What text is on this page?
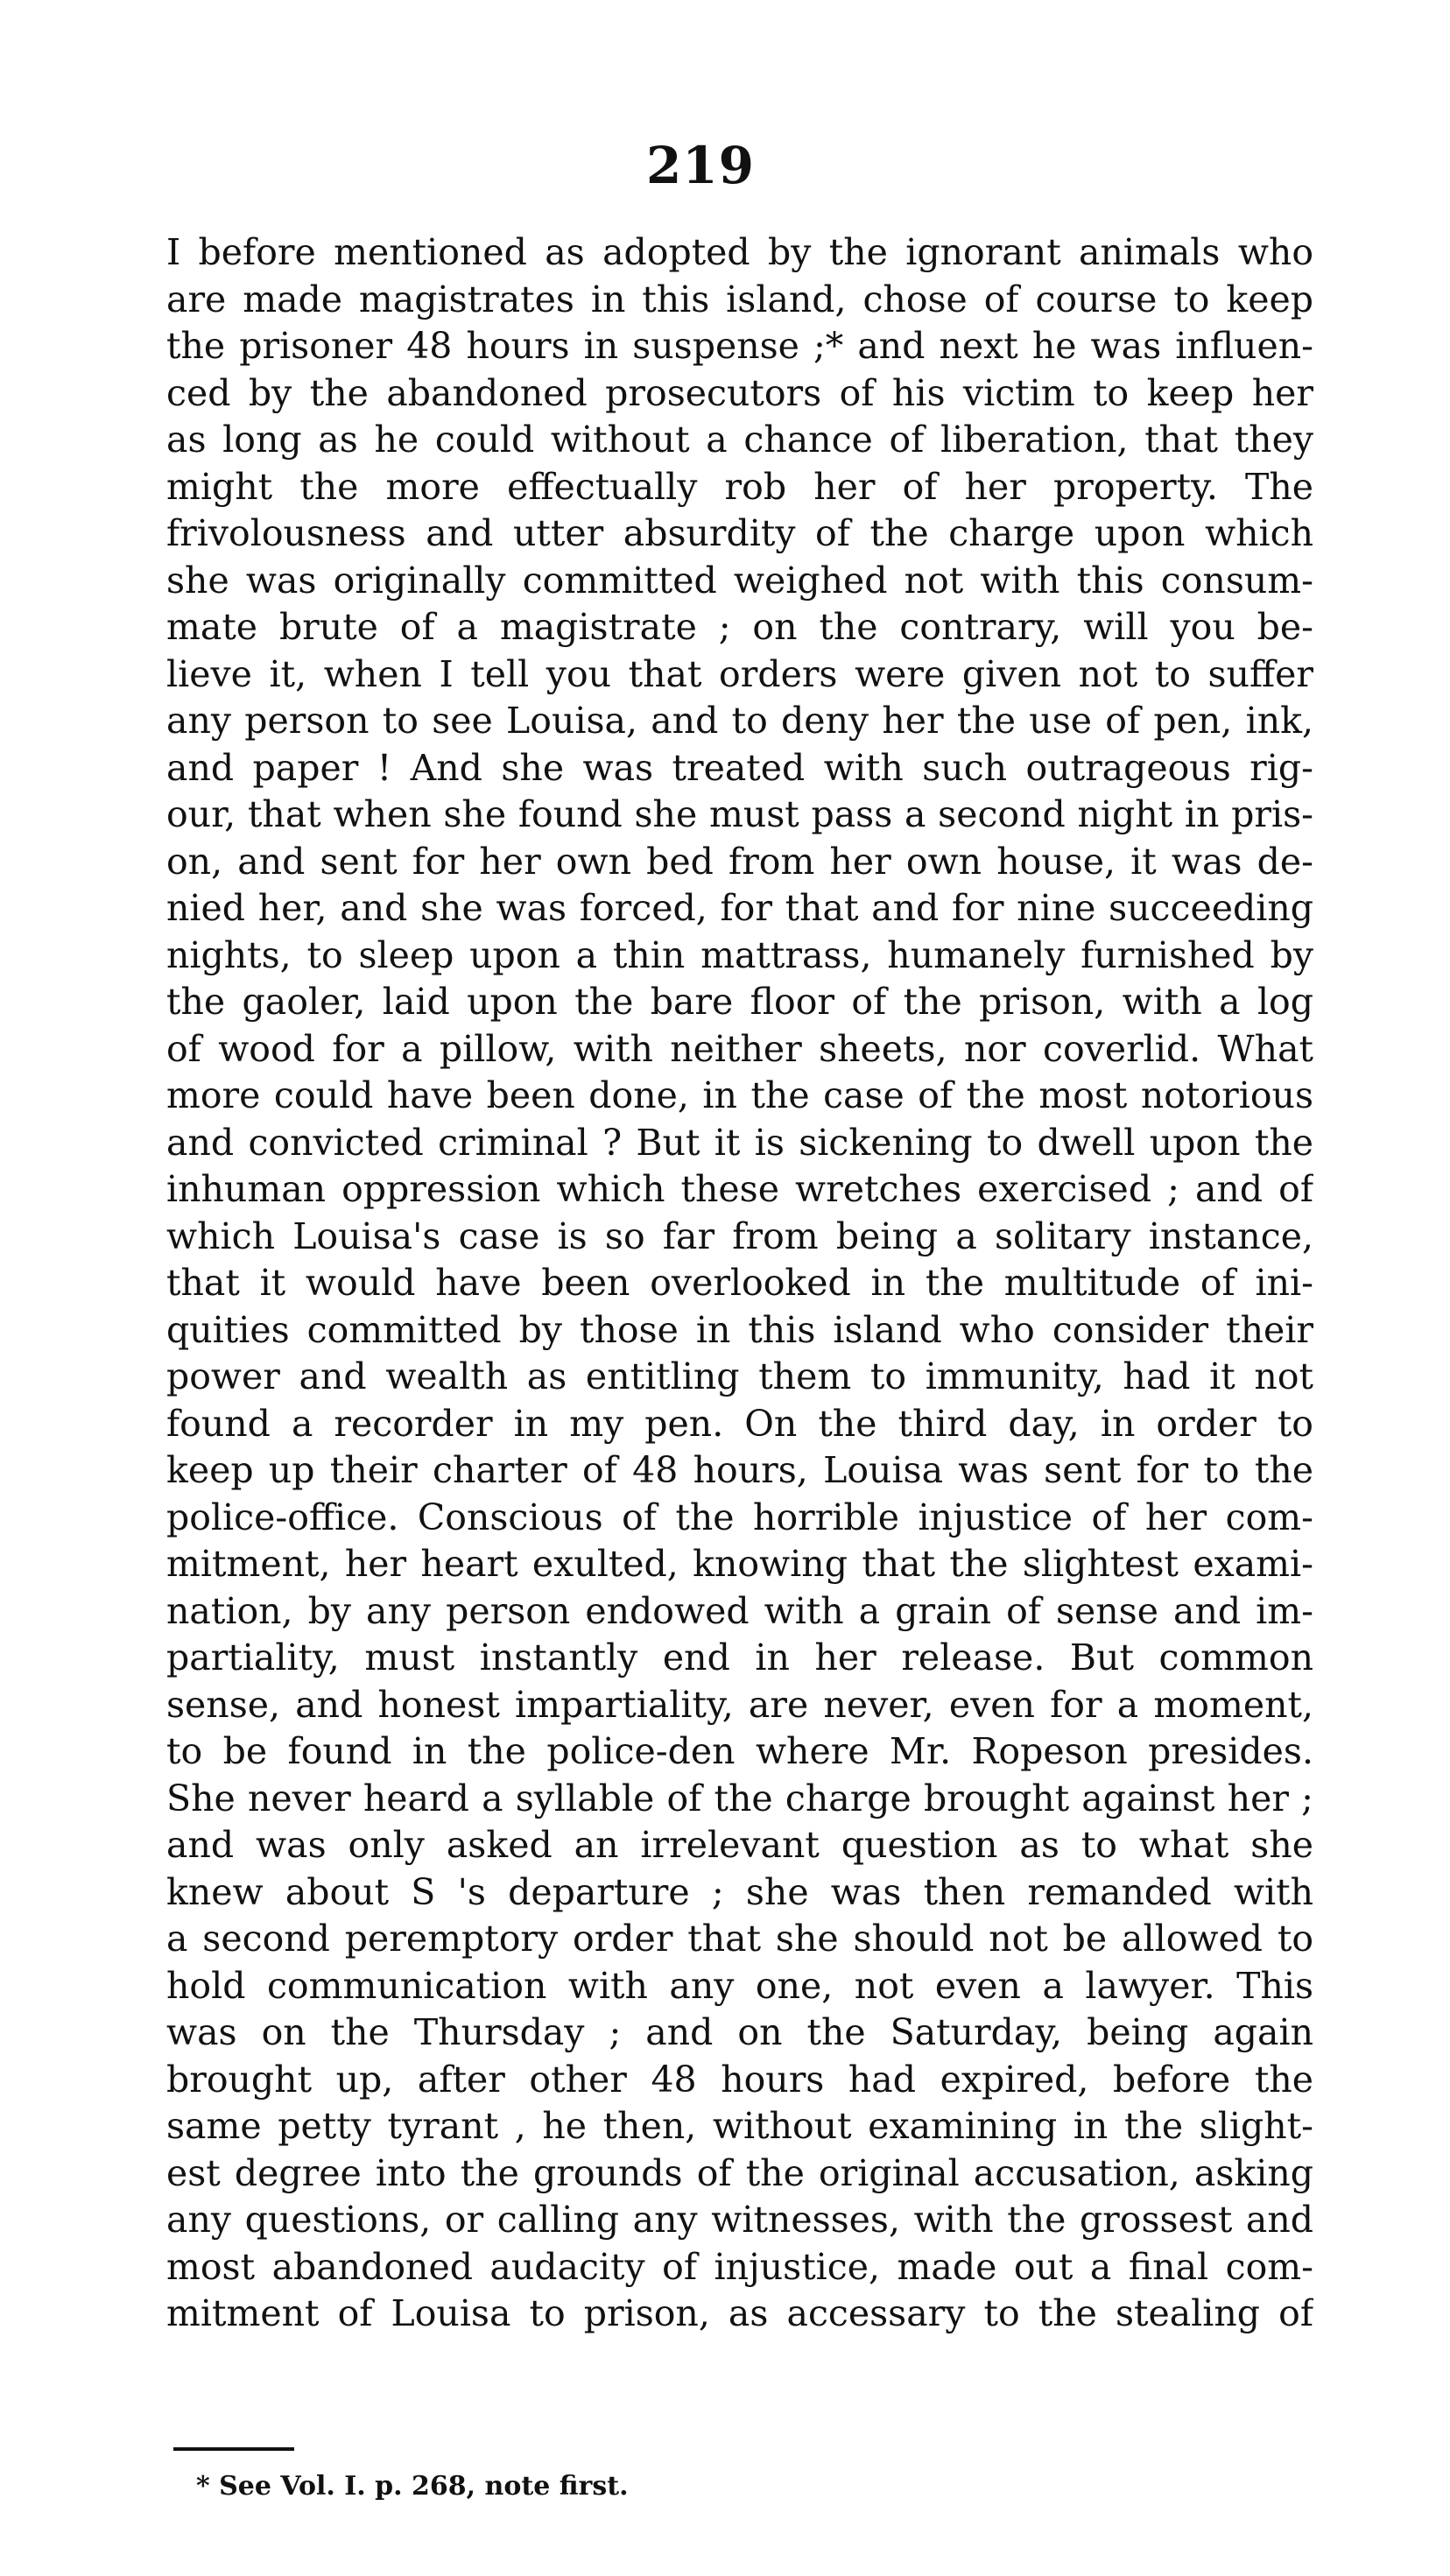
219
I before mentioned as adopted by the ignorant animals who
are made magistrates in this island, chose of course to keep
the prisoner 48 hours in suspense ;* and next he was influen-
ced by the abandoned prosecutors of his victim to keep her
as long as he could without a chance of liberation, that they
might the more effectually rob her of her property. The
frivolousness and utter absurdity of the charge upon which
she was originally committed weighed not with this consum-
mate brute of a magistrate ; on the contrary, will you be-
lieve it, when I tell you that orders were given not to suffer
any person to see Louisa, and to deny her the use of pen, ink,
and paper ! And she was treated with such outrageous rig-
our, that when she found she must pass a second night in pris-
on, and sent for her own bed from her own house, it was de-
nied her, and she was forced, for that and for nine succeeding
nights, to sleep upon a thin mattrass, humanely furnished by
the gaoler, laid upon the bare floor of the prison, with a log
of wood for a pillow, with neither sheets, nor coverlid. What
more could have been done, in the case of the most notorious
and convicted criminal ? But it is sickening to dwell upon the
inhuman oppression which these wretches exercised ; and of
which Louisa's case is so far from being a solitary instance,
that it would have been overlooked in the multitude of ini-
quities committed by those in this island who consider their
power and wealth as entitling them to immunity, had it not
found a recorder in my pen. On the third day, in order to
keep up their charter of 48 hours, Louisa was sent for to the
police-office. Conscious of the horrible injustice of her com-
mitment, her heart exulted, knowing that the slightest exami-
nation, by any person endowed with a grain of sense and im-
partiality, must instantly end in her release. But common
sense, and honest impartiality, are never, even for a moment,
to be found in the police-den where Mr. Ropeson presides.
She never heard a syllable of the charge brought against her ;
and was only asked an irrelevant question as to what she
knew about S 's departure ; she was then remanded with
a second peremptory order that she should not be allowed to
hold communication with any one, not even a lawyer. This
was on the Thursday ; and on the Saturday, being again
brought up, after other 48 hours had expired, before the
same petty tyrant , he then, without examining in the slight-
est degree into the grounds of the original accusation, asking
any questions, or calling any witnesses, with the grossest and
most abandoned audacity of injustice, made out a final com-
mitment of Louisa to prison, as accessary to the stealing of
* See Vol. I. p. 268, note first.
